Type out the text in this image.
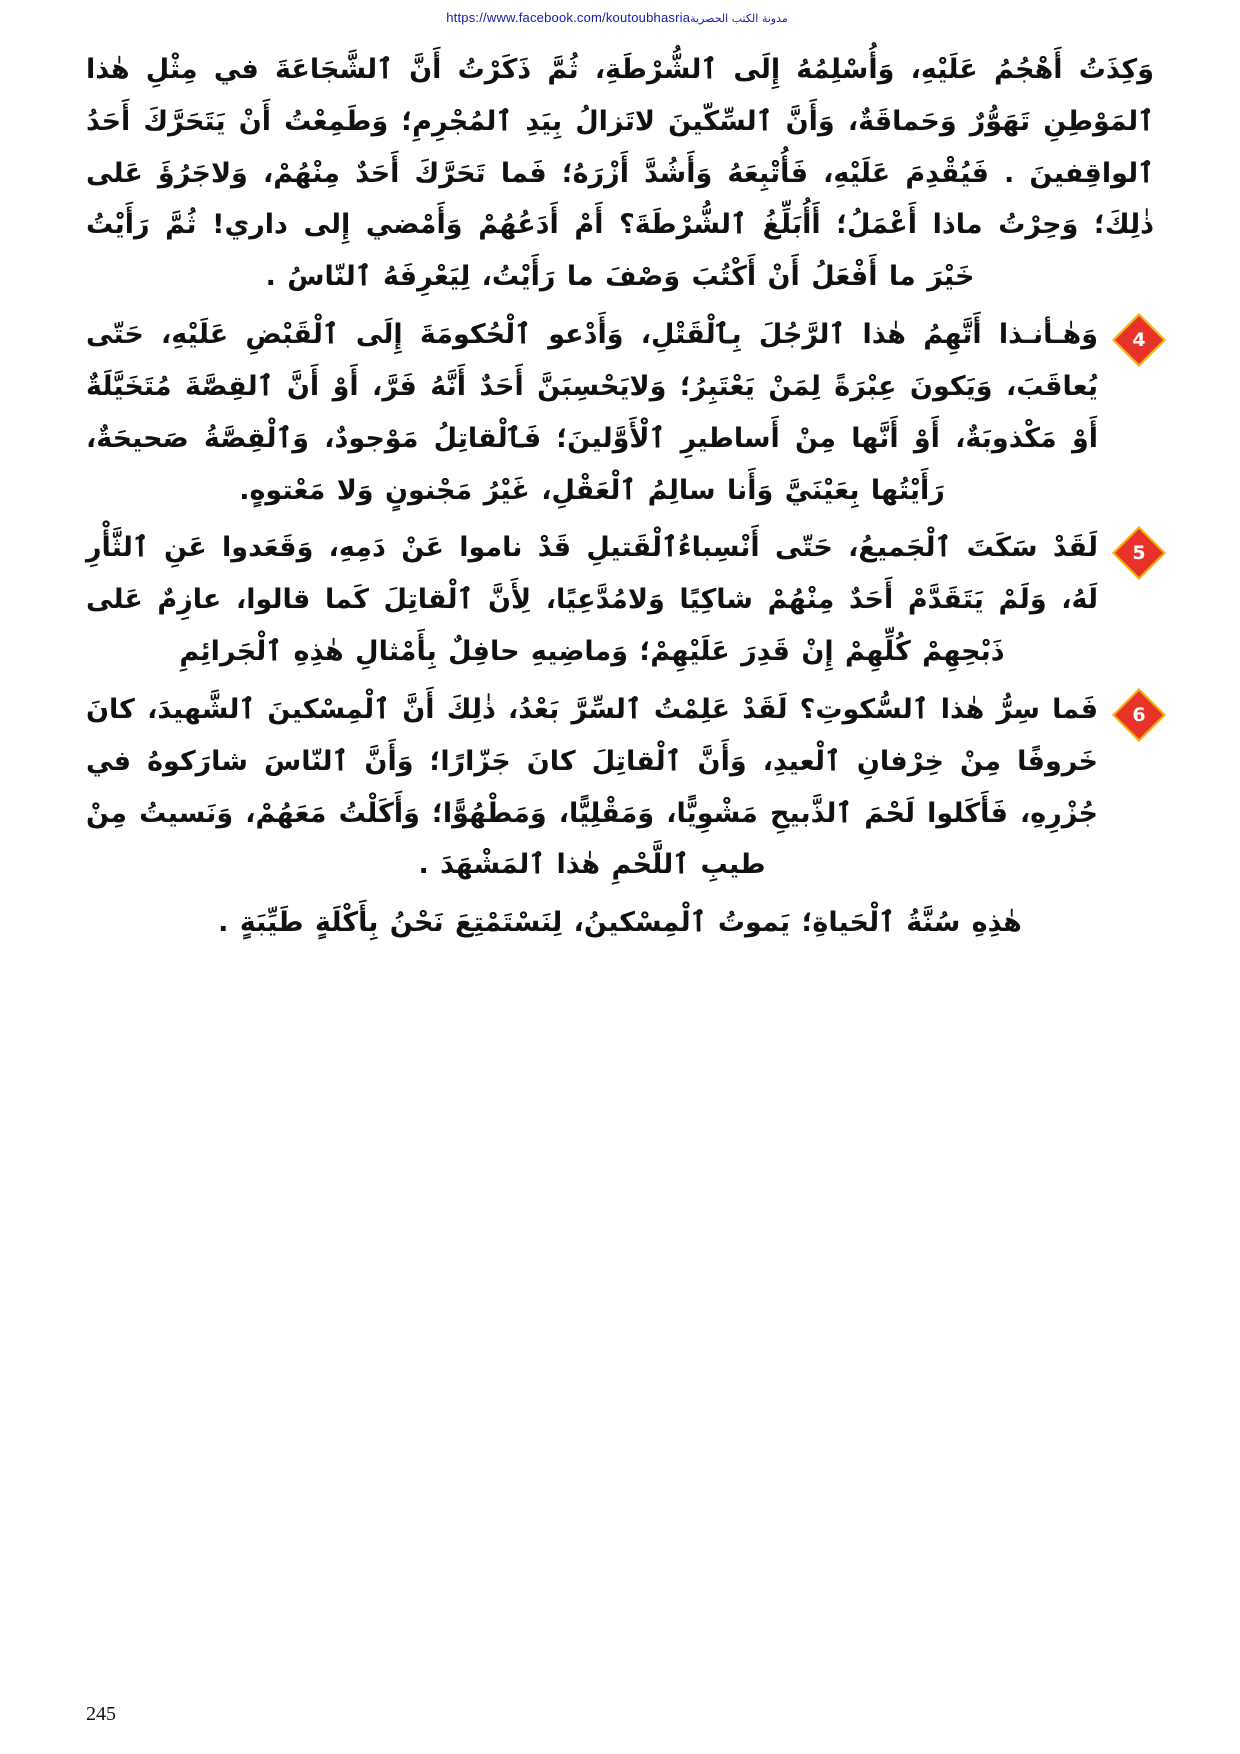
https://www.facebook.com/koutoubhasriaمدونة الكتب الحصرية

وَكِذَتُ أَهْجُمُ عَلَيْهِ، وَأُسْلِمُهُ إِلَى ٱلشُّرْطَةِ، ثُمَّ ذَكَرْتُ أَنَّ ٱلشَّجَاعَةَ في مِثْلِ هٰذا ٱلمَوْطِنِ تَهَوُّرٌ وَحَماقَةٌ، وَأَنَّ ٱلسِّكّينَ لاتَزالُ بِيَدِ ٱلمُجْرِمِ؛ وَطَمِعْتُ أَنْ يَتَحَرَّكَ أَحَدُ ٱلواقِفينَ . فَيُقْدِمَ عَلَيْهِ، فَأُتْبِعَهُ وَأَشُدَّ أَزْرَهُ؛ فَما تَحَرَّكَ أَحَدٌ مِنْهُمْ، وَلاجَرُؤَ عَلى ذٰلِكَ؛ وَحِرْتُ ماذا أَعْمَلُ؛ أَأُبَلِّغُ ٱلشُّرْطَةَ؟ أَمْ أَدَعُهُمْ وَأَمْضي إِلى داري! ثُمَّ رَأَيْتُ خَيْرَ ما أَفْعَلُ أَنْ أَكْتُبَ وَصْفَ ما رَأَيْتُ، لِيَعْرِفَهُ ٱلنّاسُ .

4
وَهٰـأنـذا أَتَّهِمُ هٰذا ٱلرَّجُلَ بِٱلْقَتْلِ، وَأَدْعو ٱلْحُكومَةَ إِلَى ٱلْقَبْضِ عَلَيْهِ، حَتّى يُعاقَبَ، وَيَكونَ عِبْرَةً لِمَنْ يَعْتَبِرُ؛ وَلايَحْسِبَنَّ أَحَدٌ أَنَّهُ فَرَّ، أَوْ أَنَّ ٱلقِصَّةَ مُتَخَيَّلَةٌ أَوْ مَكْذوبَةٌ، أَوْ أَنَّها مِنْ أَساطيرِ ٱلْأَوَّلينَ؛ فَٱلْقاتِلُ مَوْجودٌ، وَٱلْقِصَّةُ صَحيحَةٌ، رَأَيْتُها بِعَيْنَيَّ وَأَنا سالِمُ ٱلْعَقْلِ، غَيْرُ مَجْنونٍ وَلا مَعْتوهٍ.

5
لَقَدْ سَكَتَ ٱلْجَميعُ، حَتّى أَنْسِباءُٱلْقَتيلِ قَدْ ناموا عَنْ دَمِهِ، وَقَعَدوا عَنِ ٱلثَّأْرِ لَهُ، وَلَمْ يَتَقَدَّمْ أَحَدٌ مِنْهُمْ شاكِيًا وَلامُدَّعِيًا، لِأَنَّ ٱلْقاتِلَ كَما قالوا، عازِمٌ عَلى ذَبْحِهِمْ كُلِّهِمْ إِنْ قَدِرَ عَلَيْهِمْ؛ وَماضِيهِ حافِلٌ بِأَمْثالِ هٰذِهِ ٱلْجَرائِمِ

6
فَما سِرُّ هٰذا ٱلسُّكوتِ؟ لَقَدْ عَلِمْتُ ٱلسِّرَّ بَعْدُ، ذٰلِكَ أَنَّ ٱلْمِسْكينَ ٱلشَّهيدَ، كانَ خَروفًا مِنْ خِرْفانِ ٱلْعيدِ، وَأَنَّ ٱلْقاتِلَ كانَ جَزّارًا؛ وَأَنَّ ٱلنّاسَ شارَكوهُ في جُزْرِهِ، فَأَكَلوا لَحْمَ ٱلذَّبيحِ مَشْوِيًّا، وَمَقْلِيًّا، وَمَطْهُوًّا؛ وَأَكَلْتُ مَعَهُمْ، وَنَسيتُ مِنْ طيبِ ٱللَّحْمِ هٰذا ٱلمَشْهَدَ .

هٰذِهِ سُنَّةُ ٱلْحَياةِ؛ يَموتُ ٱلْمِسْكينُ، لِنَسْتَمْتِعَ نَحْنُ بِأَكْلَةٍ طَيِّبَةٍ .

245
